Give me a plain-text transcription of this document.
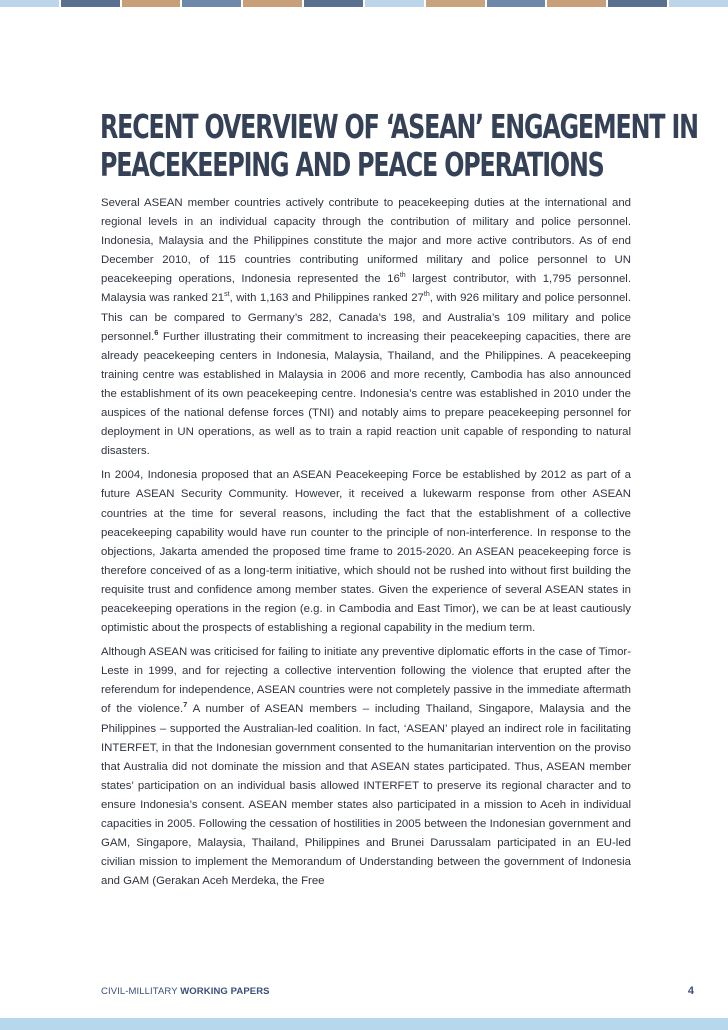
RECENT OVERVIEW OF ‘ASEAN’ ENGAGEMENT IN
PEACEKEEPING AND PEACE OPERATIONS

Several ASEAN member countries actively contribute to peacekeeping duties at the international and regional levels in an individual capacity through the contribution of military and police personnel. Indonesia, Malaysia and the Philippines constitute the major and more active contributors. As of end December 2010, of 115 countries contributing uniformed military and police personnel to UN peacekeeping operations, Indonesia represented the 16th largest contributor, with 1,795 personnel. Malaysia was ranked 21st, with 1,163 and Philippines ranked 27th, with 926 military and police personnel. This can be compared to Germany’s 282, Canada’s 198, and Australia’s 109 military and police personnel.$^6$ Further illustrating their commitment to increasing their peacekeeping capacities, there are already peacekeeping centers in Indonesia, Malaysia, Thailand, and the Philippines. A peacekeeping training centre was established in Malaysia in 2006 and more recently, Cambodia has also announced the establishment of its own peacekeeping centre. Indonesia’s centre was established in 2010 under the auspices of the national defense forces (TNI) and notably aims to prepare peacekeeping personnel for deployment in UN operations, as well as to train a rapid reaction unit capable of responding to natural disasters.

In 2004, Indonesia proposed that an ASEAN Peacekeeping Force be established by 2012 as part of a future ASEAN Security Community. However, it received a lukewarm response from other ASEAN countries at the time for several reasons, including the fact that the establishment of a collective peacekeeping capability would have run counter to the principle of non-interference. In response to the objections, Jakarta amended the proposed time frame to 2015-2020. An ASEAN peacekeeping force is therefore conceived of as a long-term initiative, which should not be rushed into without first building the requisite trust and confidence among member states. Given the experience of several ASEAN states in peacekeeping operations in the region (e.g. in Cambodia and East Timor), we can be at least cautiously optimistic about the prospects of establishing a regional capability in the medium term.

Although ASEAN was criticised for failing to initiate any preventive diplomatic efforts in the case of Timor-Leste in 1999, and for rejecting a collective intervention following the violence that erupted after the referendum for independence, ASEAN countries were not completely passive in the immediate aftermath of the violence.$^7$ A number of ASEAN members – including Thailand, Singapore, Malaysia and the Philippines – supported the Australian-led coalition. In fact, ‘ASEAN’ played an indirect role in facilitating INTERFET, in that the Indonesian government consented to the humanitarian intervention on the proviso that Australia did not dominate the mission and that ASEAN states participated. Thus, ASEAN member states’ participation on an individual basis allowed INTERFET to preserve its regional character and to ensure Indonesia’s consent. ASEAN member states also participated in a mission to Aceh in individual capacities in 2005. Following the cessation of hostilities in 2005 between the Indonesian government and GAM, Singapore, Malaysia, Thailand, Philippines and Brunei Darussalam participated in an EU-led civilian mission to implement the Memorandum of Understanding between the government of Indonesia and GAM (Gerakan Aceh Merdeka, the Free

CIVIL-MILLITARY WORKING PAPERS	4
